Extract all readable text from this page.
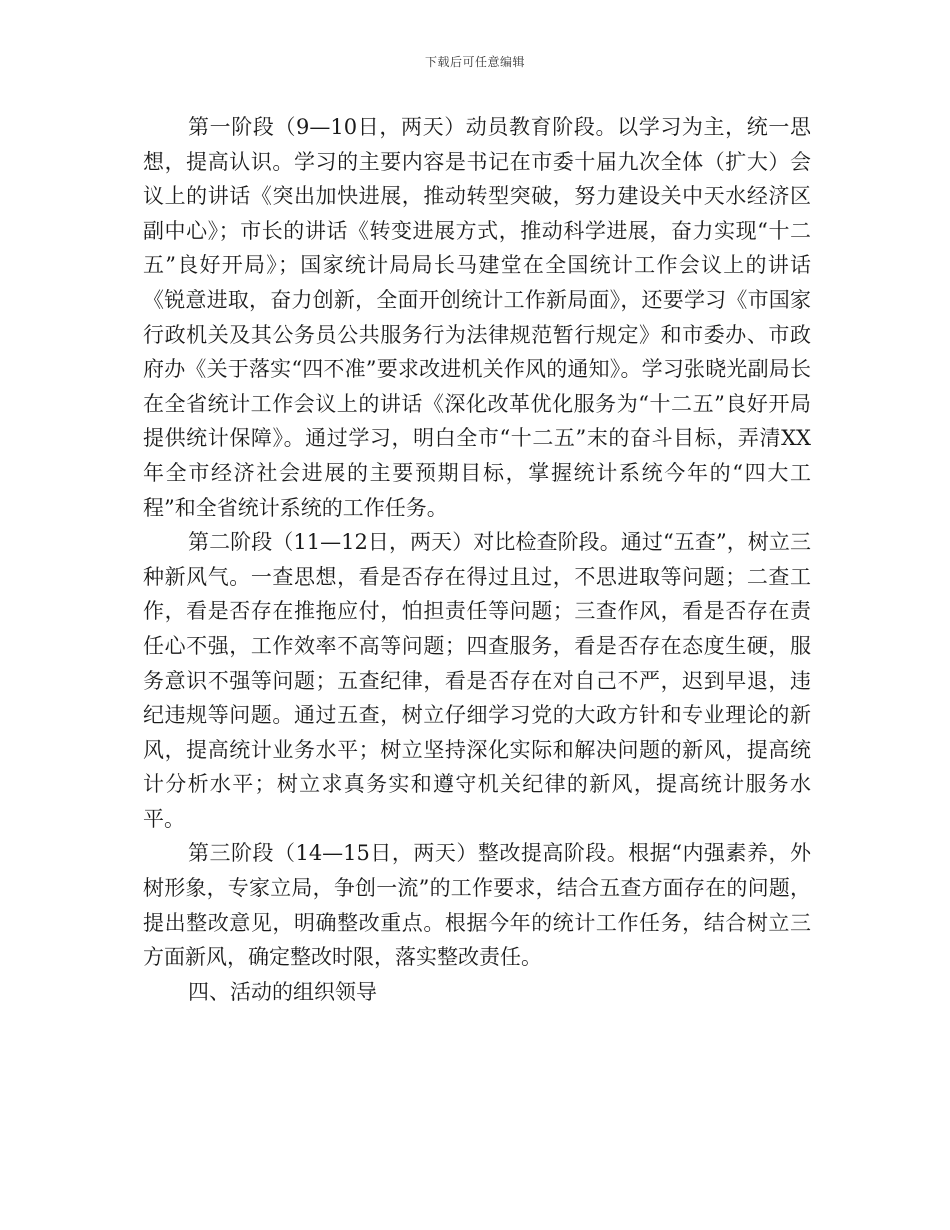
下载后可任意编辑

第一阶段（9—10日，两天）动员教育阶段。以学习为主，统一思想，提高认识。学习的主要内容是书记在市委十届九次全体（扩大）会议上的讲话《突出加快进展，推动转型突破，努力建设关中天水经济区副中心》；市长的讲话《转变进展方式，推动科学进展，奋力实现“十二五”良好开局》；国家统计局局长马建堂在全国统计工作会议上的讲话《锐意进取，奋力创新，全面开创统计工作新局面》，还要学习《市国家行政机关及其公务员公共服务行为法律规范暂行规定》和市委办、市政府办《关于落实“四不准”要求改进机关作风的通知》。学习张晓光副局长在全省统计工作会议上的讲话《深化改革优化服务为“十二五”良好开局提供统计保障》。通过学习，明白全市“十二五”末的奋斗目标，弄清XX年全市经济社会进展的主要预期目标，掌握统计系统今年的“四大工程”和全省统计系统的工作任务。

第二阶段（11—12日，两天）对比检查阶段。通过“五查”，树立三种新风气。一查思想，看是否存在得过且过，不思进取等问题；二查工作，看是否存在推拖应付，怕担责任等问题；三查作风，看是否存在责任心不强，工作效率不高等问题；四查服务，看是否存在态度生硬，服务意识不强等问题；五查纪律，看是否存在对自己不严，迟到早退，违纪违规等问题。通过五查，树立仔细学习党的大政方针和专业理论的新风，提高统计业务水平；树立坚持深化实际和解决问题的新风，提高统计分析水平；树立求真务实和遵守机关纪律的新风，提高统计服务水平。

第三阶段（14—15日，两天）整改提高阶段。根据“内强素养，外树形象，专家立局，争创一流”的工作要求，结合五查方面存在的问题，提出整改意见，明确整改重点。根据今年的统计工作任务，结合树立三方面新风，确定整改时限，落实整改责任。

四、活动的组织领导
